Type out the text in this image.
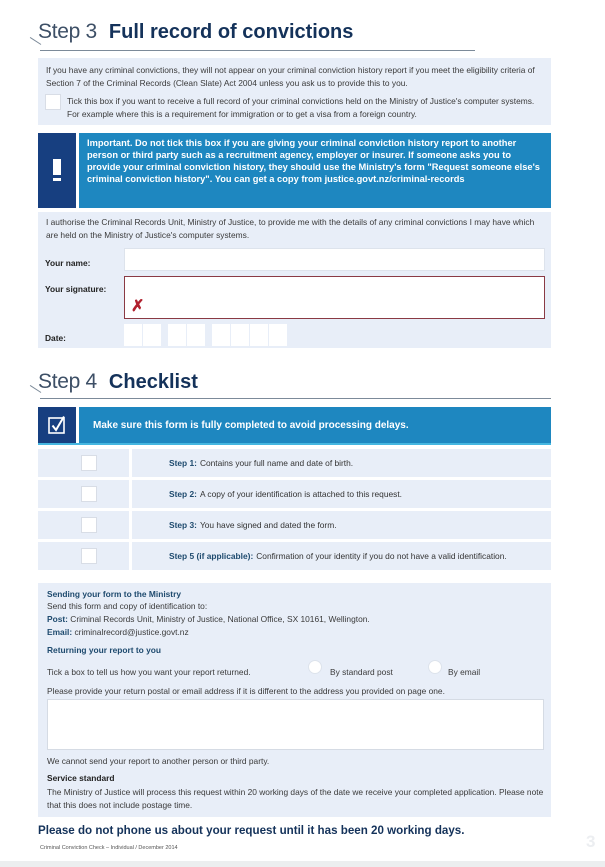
Step 3 Full record of convictions
If you have any criminal convictions, they will not appear on your criminal conviction history report if you meet the eligibility criteria of Section 7 of the Criminal Records (Clean Slate) Act 2004 unless you ask us to provide this to you.
Tick this box if you want to receive a full record of your criminal convictions held on the Ministry of Justice's computer systems. For example where this is a requirement for immigration or to get a visa from a foreign country.
Important. Do not tick this box if you are giving your criminal conviction history report to another person or third party such as a recruitment agency, employer or insurer. If someone asks you to provide your criminal conviction history, they should use the Ministry's form "Request someone else's criminal conviction history". You can get a copy from justice.govt.nz/criminal-records
I authorise the Criminal Records Unit, Ministry of Justice, to provide me with the details of any criminal convictions I may have which are held on the Ministry of Justice's computer systems.
Your name:
Your signature:
✗
Date:
Step 4 Checklist
Make sure this form is fully completed to avoid processing delays.
Step 1: Contains your full name and date of birth.
Step 2: A copy of your identification is attached to this request.
Step 3: You have signed and dated the form.
Step 5 (if applicable): Confirmation of your identity if you do not have a valid identification.
Sending your form to the Ministry
Send this form and copy of identification to:
Post: Criminal Records Unit, Ministry of Justice, National Office, SX 10161, Wellington.
Email: criminalrecord@justice.govt.nz
Returning your report to you
Tick a box to tell us how you want your report returned.
Please provide your return postal or email address if it is different to the address you provided on page one.
We cannot send your report to another person or third party.
Service standard
The Ministry of Justice will process this request within 20 working days of the date we receive your completed application. Please note that this does not include postage time.
By standard post	By email
Please do not phone us about your request until it has been 20 working days.
Criminal Conviction Check – Individual / December 2014	3
